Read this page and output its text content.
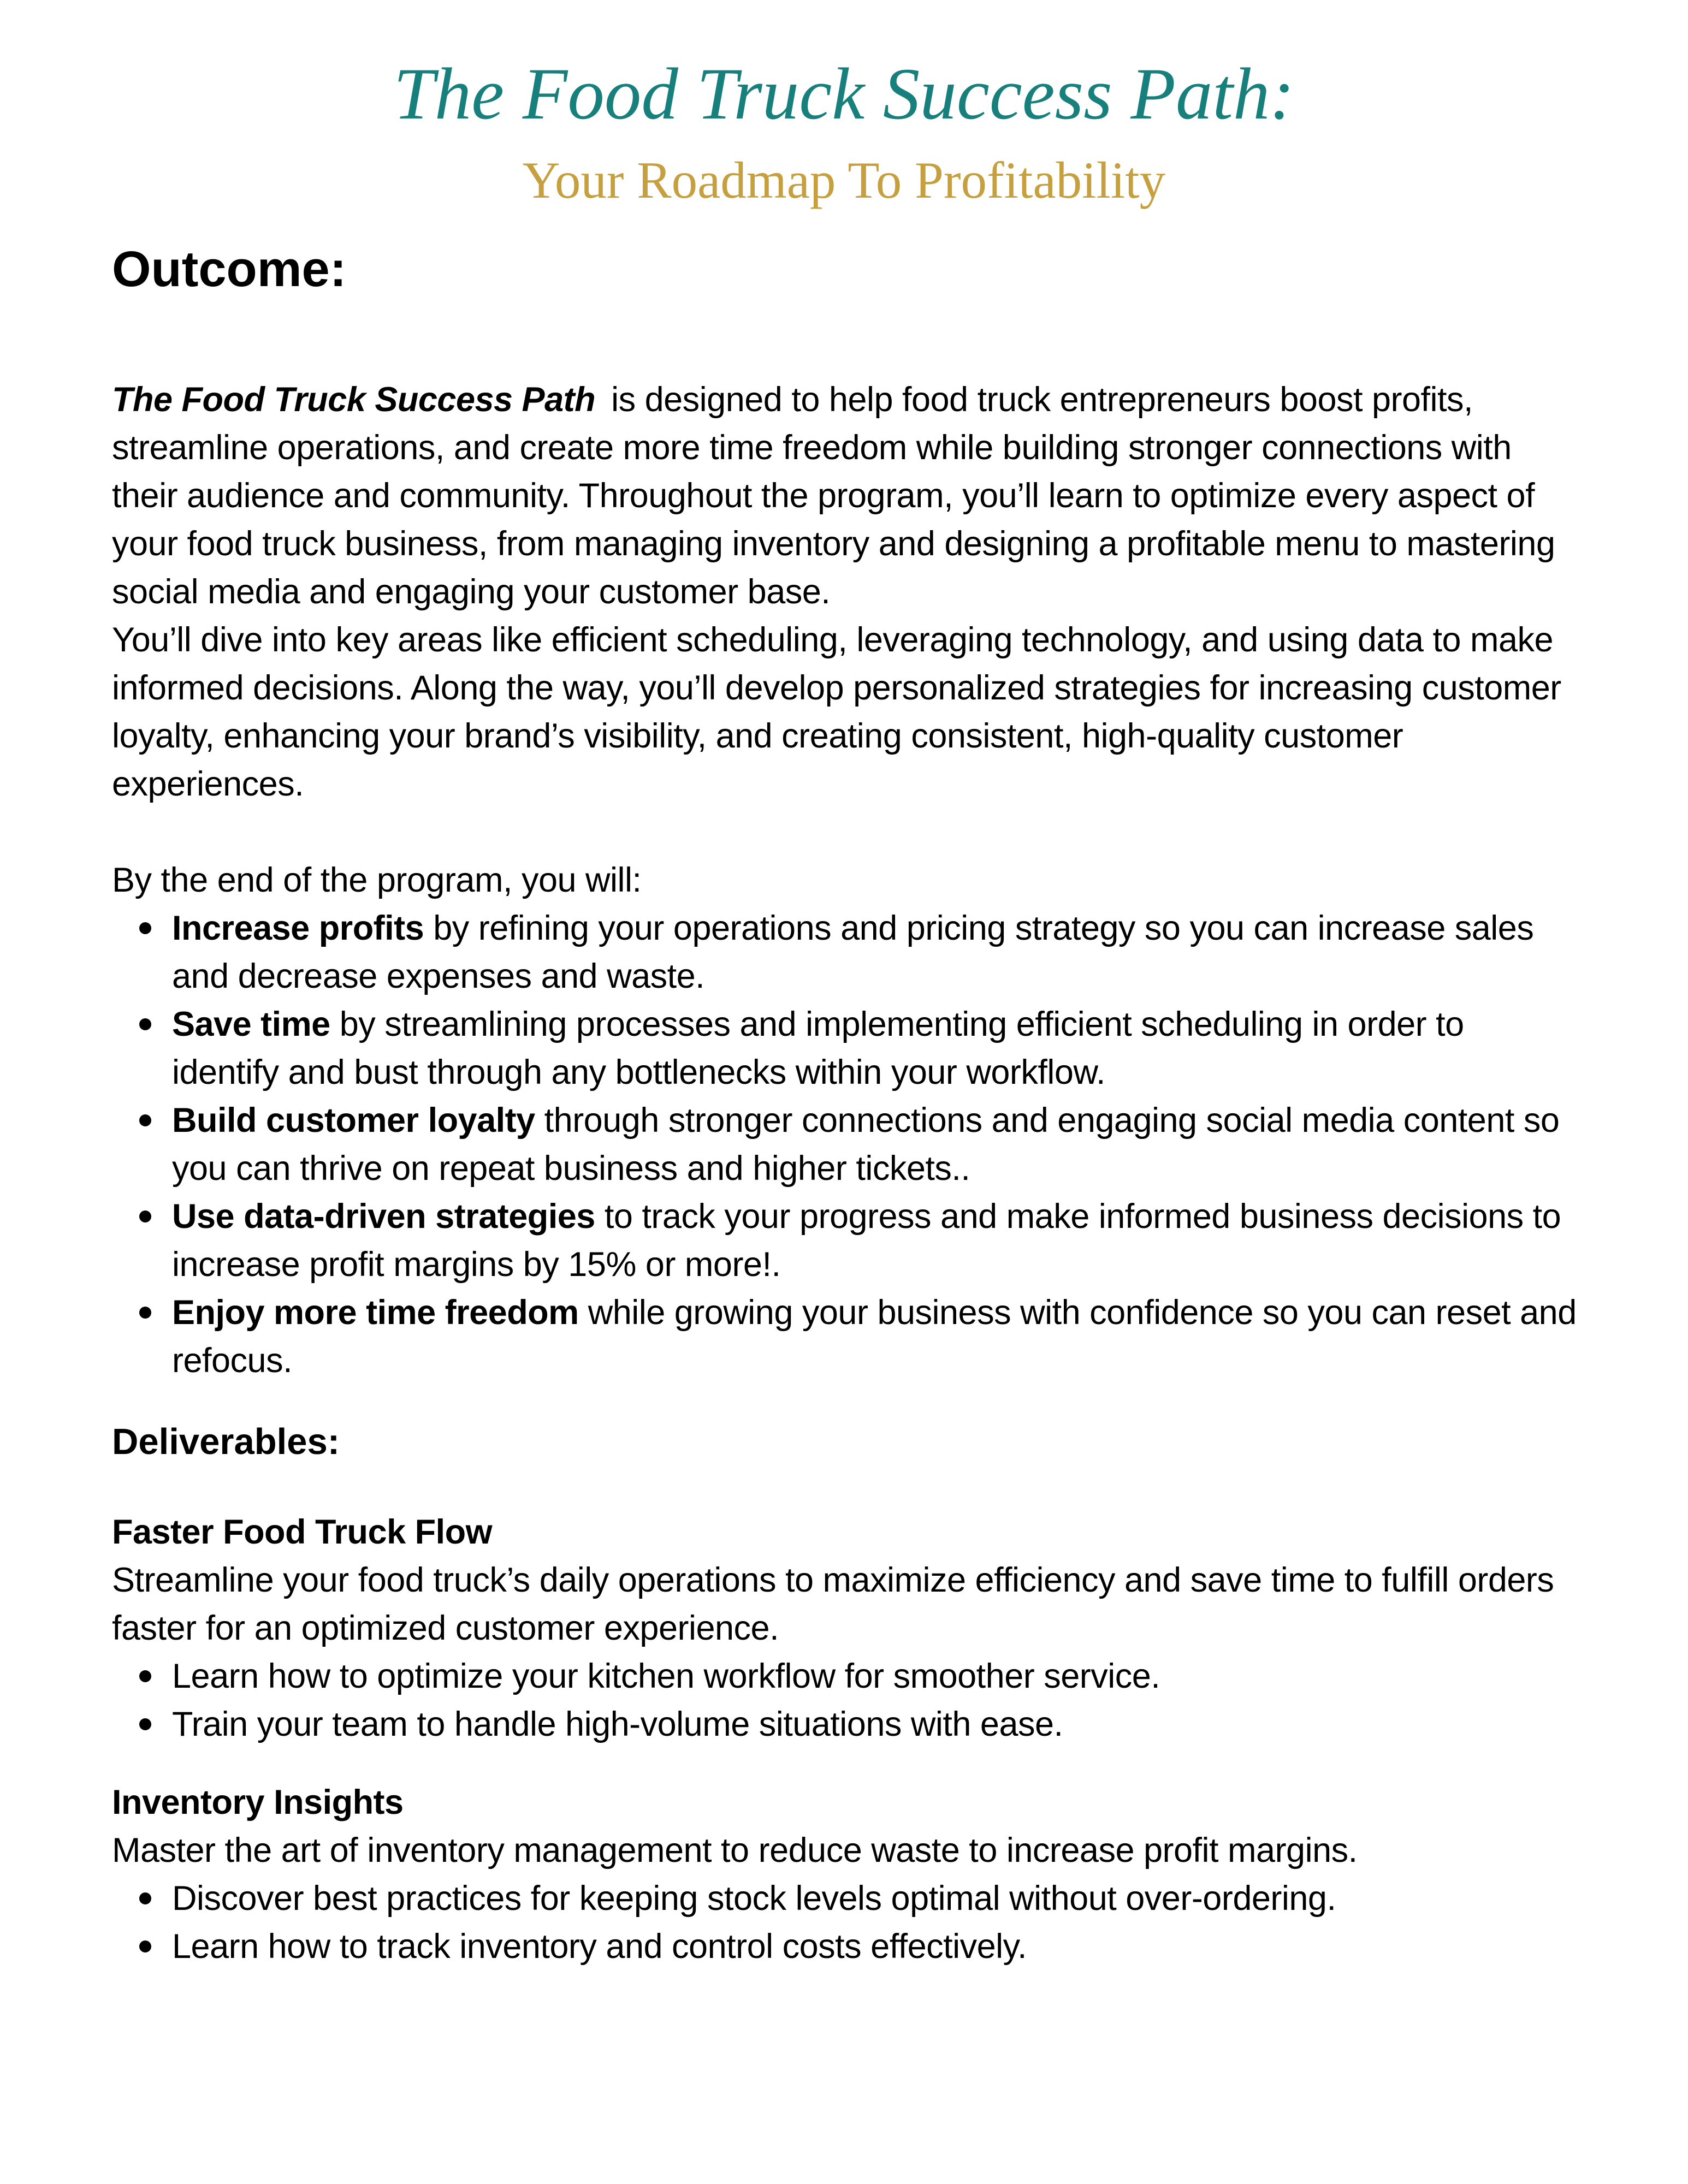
The Food Truck Success Path:
Your Roadmap To Profitability
Outcome:

The Food Truck Success Path is designed to help food truck entrepreneurs boost profits, streamline operations, and create more time freedom while building stronger connections with their audience and community. Throughout the program, you’ll learn to optimize every aspect of your food truck business, from managing inventory and designing a profitable menu to mastering social media and engaging your customer base.

You’ll dive into key areas like efficient scheduling, leveraging technology, and using data to make informed decisions. Along the way, you’ll develop personalized strategies for increasing customer loyalty, enhancing your brand’s visibility, and creating consistent, high-quality customer experiences.

By the end of the program, you will:

Increase profits by refining your operations and pricing strategy so you can increase sales and decrease expenses and waste.
Save time by streamlining processes and implementing efficient scheduling in order to identify and bust through any bottlenecks within your workflow.
Build customer loyalty through stronger connections and engaging social media content so you can thrive on repeat business and higher tickets..
Use data-driven strategies to track your progress and make informed business decisions to increase profit margins by 15% or more!.
Enjoy more time freedom while growing your business with confidence so you can reset and refocus.
Deliverables:
Faster Food Truck Flow

Streamline your food truck’s daily operations to maximize efficiency and save time to fulfill orders faster for an optimized customer experience.

Learn how to optimize your kitchen workflow for smoother service.
Train your team to handle high-volume situations with ease.
Inventory Insights

Master the art of inventory management to reduce waste to increase profit margins.

Discover best practices for keeping stock levels optimal without over-ordering.
Learn how to track inventory and control costs effectively.
